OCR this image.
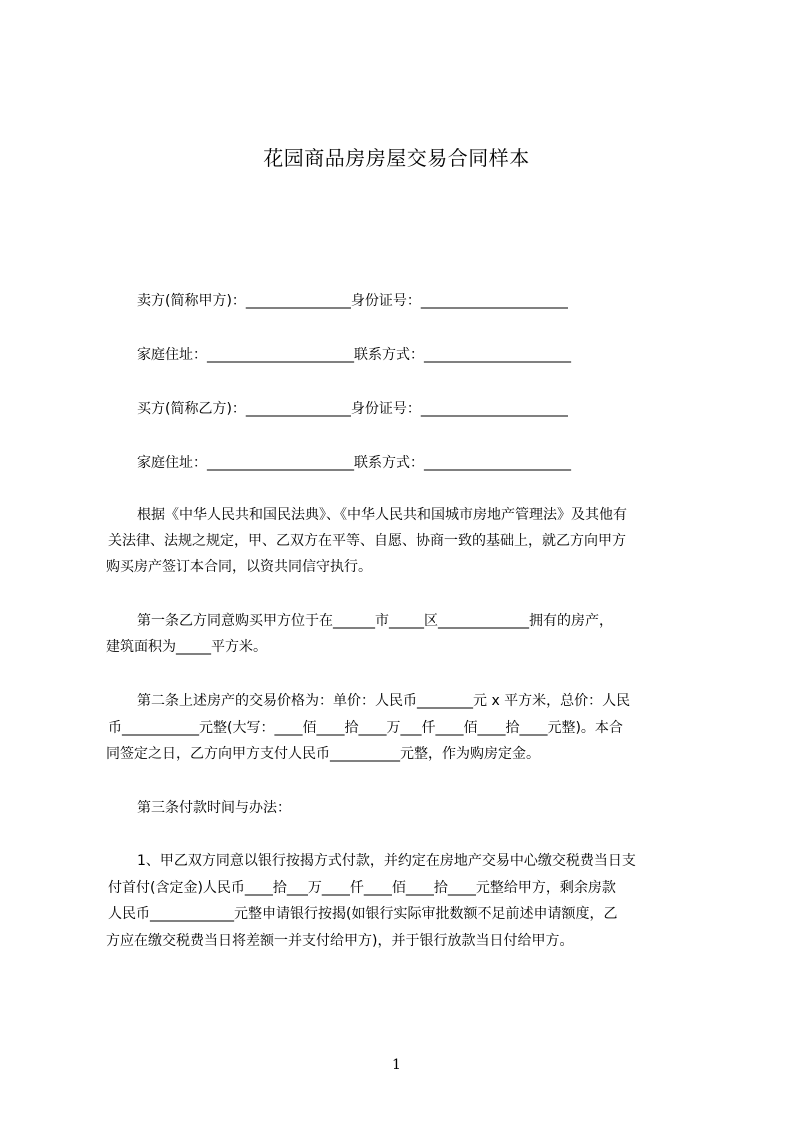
花园商品房房屋交易合同样本
卖方(简称甲方)：_______________身份证号：_____________________
家庭住址：_____________________联系方式：_____________________
买方(简称乙方)：_______________身份证号：_____________________
家庭住址：_____________________联系方式：_____________________
根据《中华人民共和国民法典》、《中华人民共和国城市房地产管理法》及其他有
关法律、法规之规定，甲、乙双方在平等、自愿、协商一致的基础上，就乙方向甲方
购买房产签订本合同，以资共同信守执行。
第一条乙方同意购买甲方位于在______市_____区_____________拥有的房产，
建筑面积为_____平方米。
第二条上述房产的交易价格为：单价：人民币________元 x 平方米，总价：人民
币___________元整(大写：____佰____拾____万___仟____佰____拾____元整)。本合
同签定之日，乙方向甲方支付人民币__________元整，作为购房定金。
第三条付款时间与办法：
1、甲乙双方同意以银行按揭方式付款，并约定在房地产交易中心缴交税费当日支
付首付(含定金)人民币____拾___万____仟____佰____拾____元整给甲方，剩余房款
人民币____________元整申请银行按揭(如银行实际审批数额不足前述申请额度，乙
方应在缴交税费当日将差额一并支付给甲方)，并于银行放款当日付给甲方。
1
